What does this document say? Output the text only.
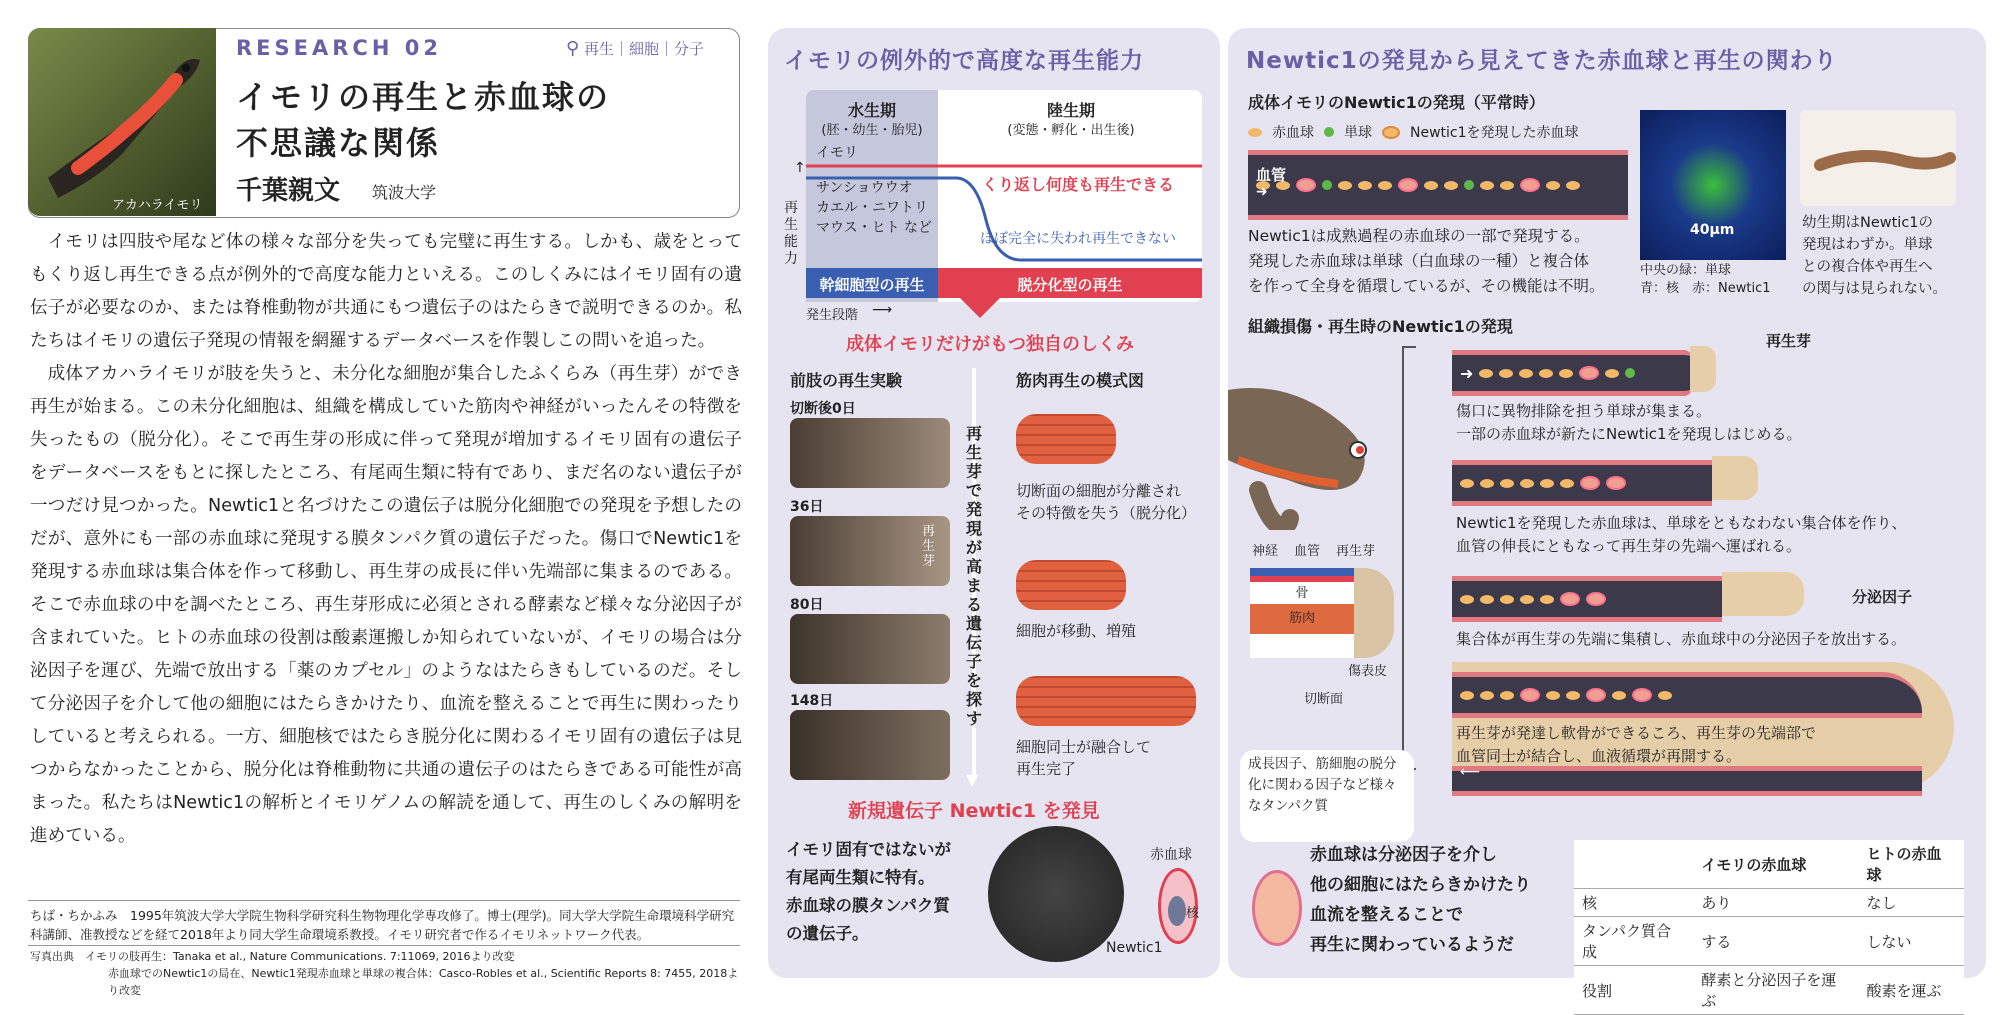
アカハライモリ
RESEARCH 02	⚲ 再生｜細胞｜分子
イモリの再生と赤血球の
不思議な関係
千葉親文 筑波大学

イモリは四肢や尾など体の様々な部分を失っても完璧に再生する。しかも、歳をとってもくり返し再生できる点が例外的で高度な能力といえる。このしくみにはイモリ固有の遺伝子が必要なのか、または脊椎動物が共通にもつ遺伝子のはたらきで説明できるのか。私たちはイモリの遺伝子発現の情報を網羅するデータベースを作製しこの問いを追った。

成体アカハライモリが肢を失うと、未分化な細胞が集合したふくらみ（再生芽）ができ再生が始まる。この未分化細胞は、組織を構成していた筋肉や神経がいったんその特徴を失ったもの（脱分化）。そこで再生芽の形成に伴って発現が増加するイモリ固有の遺伝子をデータベースをもとに探したところ、有尾両生類に特有であり、まだ名のない遺伝子が一つだけ見つかった。Newtic1と名づけたこの遺伝子は脱分化細胞での発現を予想したのだが、意外にも一部の赤血球に発現する膜タンパク質の遺伝子だった。傷口でNewtic1を発現する赤血球は集合体を作って移動し、再生芽の成長に伴い先端部に集まるのである。そこで赤血球の中を調べたところ、再生芽形成に必須とされる酵素など様々な分泌因子が含まれていた。ヒトの赤血球の役割は酸素運搬しか知られていないが、イモリの場合は分泌因子を運び、先端で放出する「薬のカプセル」のようなはたらきもしているのだ。そして分泌因子を介して他の細胞にはたらきかけたり、血流を整えることで再生に関わったりしていると考えられる。一方、細胞核ではたらき脱分化に関わるイモリ固有の遺伝子は見つからなかったことから、脱分化は脊椎動物に共通の遺伝子のはたらきである可能性が高まった。私たちはNewtic1の解析とイモリゲノムの解読を通して、再生のしくみの解明を進めている。

ちば・ちかふみ　1995年筑波大学大学院生物科学研究科生物物理化学専攻修了。博士(理学)。同大学大学院生命環境科学研究科講師、准教授などを経て2018年より同大学生命環境系教授。イモリ研究者で作るイモリネットワーク代表。
写真出典　イモリの肢再生：Tanaka et al., Nature Communications. 7:11069, 2016より改変
赤血球でのNewtic1の局在、Newtic1発現赤血球と単球の複合体：Casco-Robles et al., Scientific Reports 8: 7455, 2018より改変
イモリの例外的で高度な再生能力
水生期
(胚・幼生・胎児)
イモリ
サンショウウオ
カエル・ニワトリ
マウス・ヒト など
陸生期
(変態・孵化・出生後)
くり返し何度も再生できる
ほぼ完全に失われ再生できない
幹細胞型の再生	脱分化型の再生
再生能力
↑
発生段階 ⟶
成体イモリだけがもつ独自のしくみ
前肢の再生実験	筋肉再生の模式図
切断後0日
36日
再生芽
80日
148日
▼
再生芽で発現が高まる遺伝子を探す
切断面の細胞が分離され
その特徴を失う（脱分化）
細胞が移動、増殖
細胞同士が融合して
再生完了
新規遺伝子 Newtic1 を発見
イモリ固有ではないが
有尾両生類に特有。
赤血球の膜タンパク質
の遺伝子。
赤血球
核
Newtic1
Newtic1の発見から見えてきた赤血球と再生の関わり
成体イモリのNewtic1の発現（平常時）
赤血球 単球	Newtic1を発現した赤血球
血管
➜
Newtic1は成熟過程の赤血球の一部で発現する。
発現した赤血球は単球（白血球の一種）と複合体
を作って全身を循環しているが、その機能は不明。
40μm
中央の緑：単球
青：核　赤：Newtic1
幼生期はNewtic1の
発現はわずか。単球
との複合体や再生へ
の関与は見られない。
組織損傷・再生時のNewtic1の発現
神経 血管 再生芽
骨
筋肉
傷表皮
切断面
➜
再生芽
傷口に異物排除を担う単球が集まる。
一部の赤血球が新たにNewtic1を発現しはじめる。
Newtic1を発現した赤血球は、単球をともなわない集合体を作り、
血管の伸長にともなって再生芽の先端へ運ばれる。
分泌因子
集合体が再生芽の先端に集積し、赤血球中の分泌因子を放出する。
⟵
再生芽が発達し軟骨ができるころ、再生芽の先端部で
血管同士が結合し、血液循環が再開する。
成長因子、筋細胞の脱分化に関わる因子など様々なタンパク質
赤血球は分泌因子を介し
他の細胞にはたらきかけたり
血流を整えることで
再生に関わっているようだ
	イモリの赤血球	ヒトの赤血球
核	あり	なし
タンパク質合成	する	しない
役割	酵素と分泌因子を運ぶ	酸素を運ぶ
